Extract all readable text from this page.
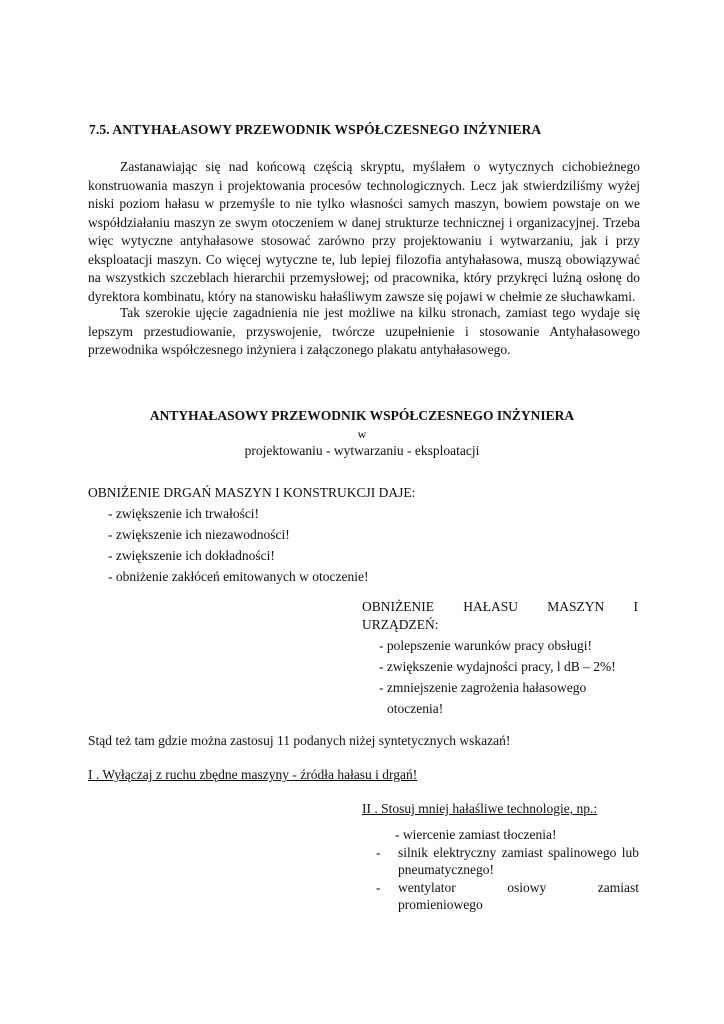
7.5. ANTYHAŁASOWY PRZEWODNIK WSPÓŁCZESNEGO INŻYNIERA

Zastanawiając się nad końcową częścią skryptu, myślałem o wytycznych cichobieżnego konstruowania maszyn i projektowania procesów technologicznych. Lecz jak stwierdziliśmy wyżej niski poziom hałasu w przemyśle to nie tylko własności samych maszyn, bowiem powstaje on we współdziałaniu maszyn ze swym otoczeniem w danej strukturze technicznej i organizacyjnej. Trzeba więc wytyczne antyhałasowe stosować zarówno przy projektowaniu i wytwarzaniu, jak i przy eksploatacji maszyn. Co więcej wytyczne te, lub lepiej filozofia antyhałasowa, muszą obowiązywać na wszystkich szczeblach hierarchii przemysłowej; od pracownika, który przykręci luźną osłonę do dyrektora kombinatu, który na stanowisku hałaśliwym zawsze się pojawi w chełmie ze słuchawkami.

Tak szerokie ujęcie zagadnienia nie jest możliwe na kilku stronach, zamiast tego wydaje się lepszym przestudiowanie, przyswojenie, twórcze uzupełnienie i stosowanie Antyhałasowego przewodnika współczesnego inżyniera i załączonego plakatu antyhałasowego.

ANTYHAŁASOWY PRZEWODNIK WSPÓŁCZESNEGO INŻYNIERA
w
projektowaniu - wytwarzaniu - eksploatacji
OBNIŻENIE DRGAŃ MASZYN I KONSTRUKCJI DAJE:
- zwiększenie ich trwałości!
- zwiększenie ich niezawodności!
- zwiększenie ich dokładności!
- obniżenie zakłóceń emitowanych w otoczenie!
OBNIŻENIE HAŁASU MASZYN I
URZĄDZEŃ:
- polepszenie warunków pracy obsługi!
- zwiększenie wydajności pracy, l dB – 2%!
- zmniejszenie zagrożenia hałasowego
otoczenia!
Stąd też tam gdzie można zastosuj 11 podanych niżej syntetycznych wskazań!
I . Wyłączaj z ruchu zbędne maszyny - źródła hałasu i drgań!
II . Stosuj mniej hałaśliwe technologie, np.:
- wiercenie zamiast tłoczenia!
- silnik elektryczny zamiast spalinowego lub pneumatycznego!
- wentylator	osiowy	zamiast
promieniowego
